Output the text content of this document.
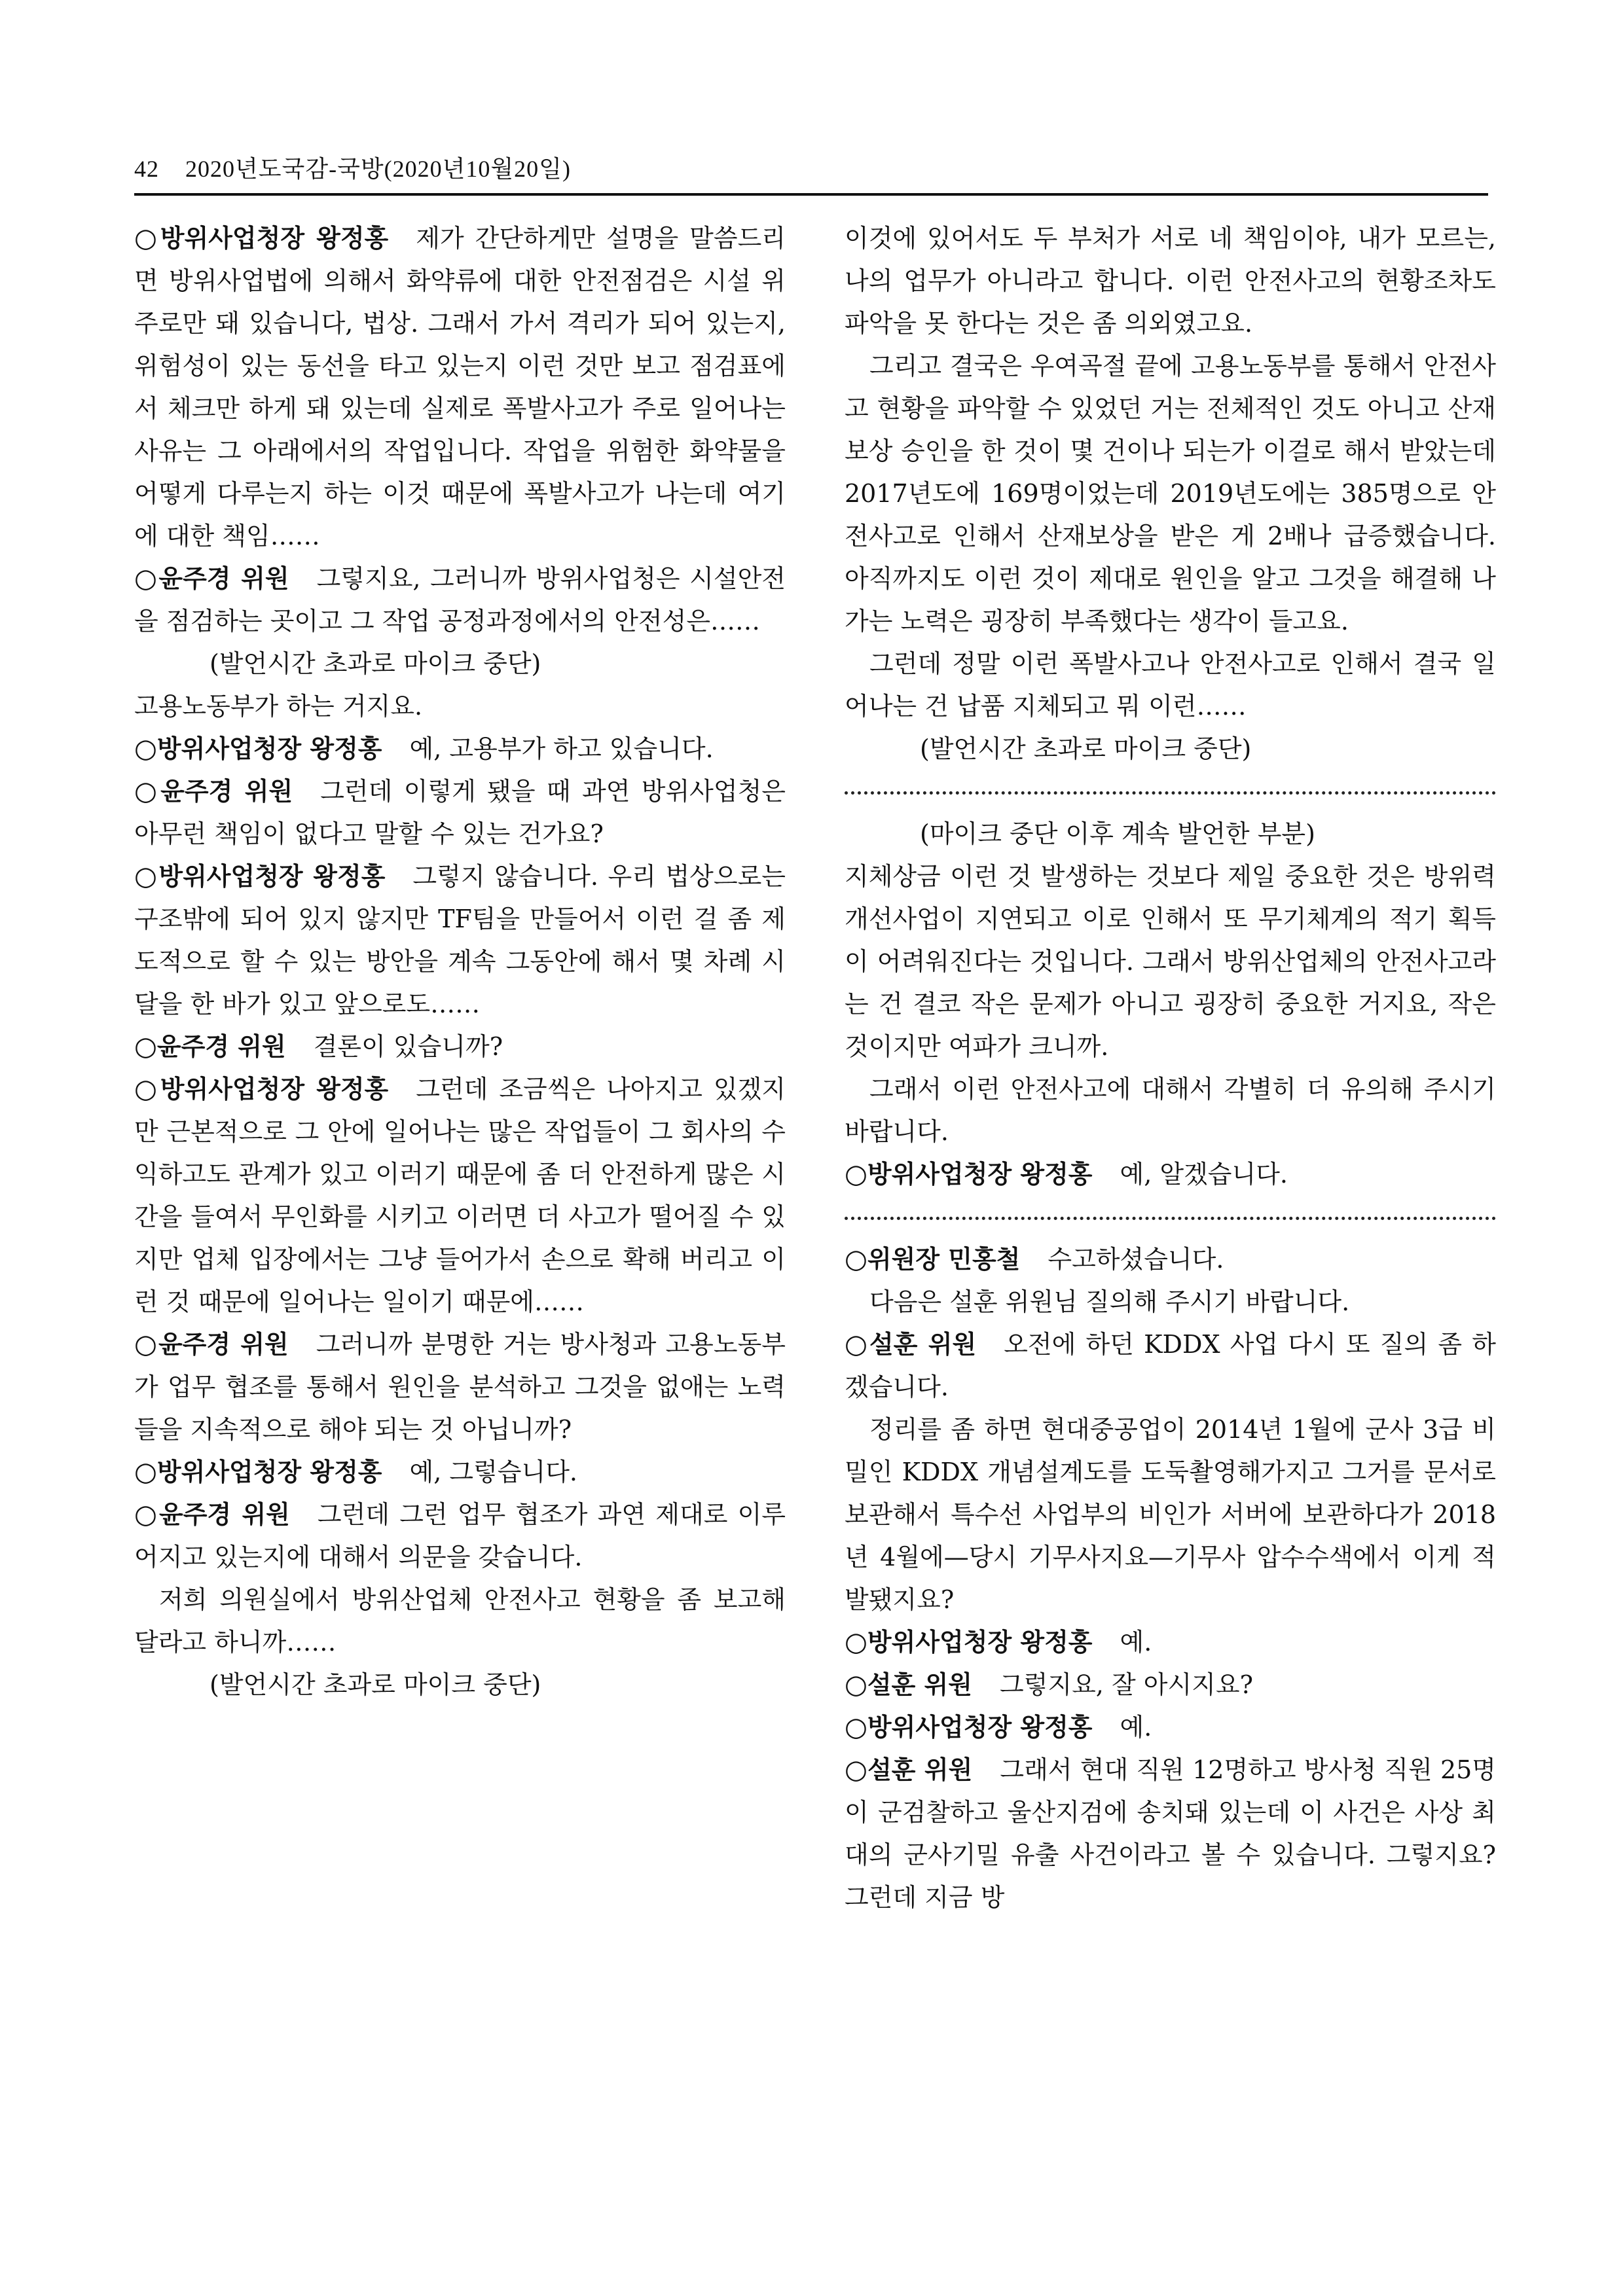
42 2020년도국감-국방(2020년10월20일)

○방위사업청장 왕정홍 제가 간단하게만 설명을 말씀드리면 방위사업법에 의해서 화약류에 대한 안전점검은 시설 위주로만 돼 있습니다, 법상. 그래서 가서 격리가 되어 있는지, 위험성이 있는 동선을 타고 있는지 이런 것만 보고 점검표에서 체크만 하게 돼 있는데 실제로 폭발사고가 주로 일어나는 사유는 그 아래에서의 작업입니다. 작업을 위험한 화약물을 어떻게 다루는지 하는 이것 때문에 폭발사고가 나는데 여기에 대한 책임……

○윤주경 위원 그렇지요, 그러니까 방위사업청은 시설안전을 점검하는 곳이고 그 작업 공정과정에서의 안전성은……

(발언시간 초과로 마이크 중단)

고용노동부가 하는 거지요.

○방위사업청장 왕정홍 예, 고용부가 하고 있습니다.

○윤주경 위원 그런데 이렇게 됐을 때 과연 방위사업청은 아무런 책임이 없다고 말할 수 있는 건가요?

○방위사업청장 왕정홍 그렇지 않습니다. 우리 법상으로는 구조밖에 되어 있지 않지만 TF팀을 만들어서 이런 걸 좀 제도적으로 할 수 있는 방안을 계속 그동안에 해서 몇 차례 시달을 한 바가 있고 앞으로도……

○윤주경 위원 결론이 있습니까?

○방위사업청장 왕정홍 그런데 조금씩은 나아지고 있겠지만 근본적으로 그 안에 일어나는 많은 작업들이 그 회사의 수익하고도 관계가 있고 이러기 때문에 좀 더 안전하게 많은 시간을 들여서 무인화를 시키고 이러면 더 사고가 떨어질 수 있지만 업체 입장에서는 그냥 들어가서 손으로 확해 버리고 이런 것 때문에 일어나는 일이기 때문에……

○윤주경 위원 그러니까 분명한 거는 방사청과 고용노동부가 업무 협조를 통해서 원인을 분석하고 그것을 없애는 노력들을 지속적으로 해야 되는 것 아닙니까?

○방위사업청장 왕정홍 예, 그렇습니다.

○윤주경 위원 그런데 그런 업무 협조가 과연 제대로 이루어지고 있는지에 대해서 의문을 갖습니다.

저희 의원실에서 방위산업체 안전사고 현황을 좀 보고해 달라고 하니까……

(발언시간 초과로 마이크 중단)

이것에 있어서도 두 부처가 서로 네 책임이야, 내가 모르는, 나의 업무가 아니라고 합니다. 이런 안전사고의 현황조차도 파악을 못 한다는 것은 좀 의외였고요.

그리고 결국은 우여곡절 끝에 고용노동부를 통해서 안전사고 현황을 파악할 수 있었던 거는 전체적인 것도 아니고 산재보상 승인을 한 것이 몇 건이나 되는가 이걸로 해서 받았는데 2017년도에 169명이었는데 2019년도에는 385명으로 안전사고로 인해서 산재보상을 받은 게 2배나 급증했습니다. 아직까지도 이런 것이 제대로 원인을 알고 그것을 해결해 나가는 노력은 굉장히 부족했다는 생각이 들고요.

그런데 정말 이런 폭발사고나 안전사고로 인해서 결국 일어나는 건 납품 지체되고 뭐 이런……

(발언시간 초과로 마이크 중단)

(마이크 중단 이후 계속 발언한 부분)

지체상금 이런 것 발생하는 것보다 제일 중요한 것은 방위력개선사업이 지연되고 이로 인해서 또 무기체계의 적기 획득이 어려워진다는 것입니다. 그래서 방위산업체의 안전사고라는 건 결코 작은 문제가 아니고 굉장히 중요한 거지요, 작은 것이지만 여파가 크니까.

그래서 이런 안전사고에 대해서 각별히 더 유의해 주시기 바랍니다.

○방위사업청장 왕정홍 예, 알겠습니다.

○위원장 민홍철 수고하셨습니다.

다음은 설훈 위원님 질의해 주시기 바랍니다.

○설훈 위원 오전에 하던 KDDX 사업 다시 또 질의 좀 하겠습니다.

정리를 좀 하면 현대중공업이 2014년 1월에 군사 3급 비밀인 KDDX 개념설계도를 도둑촬영해가지고 그거를 문서로 보관해서 특수선 사업부의 비인가 서버에 보관하다가 2018년 4월에—당시 기무사지요—기무사 압수수색에서 이게 적발됐지요?

○방위사업청장 왕정홍 예.

○설훈 위원 그렇지요, 잘 아시지요?

○방위사업청장 왕정홍 예.

○설훈 위원 그래서 현대 직원 12명하고 방사청 직원 25명이 군검찰하고 울산지검에 송치돼 있는데 이 사건은 사상 최대의 군사기밀 유출 사건이라고 볼 수 있습니다. 그렇지요? 그런데 지금 방
